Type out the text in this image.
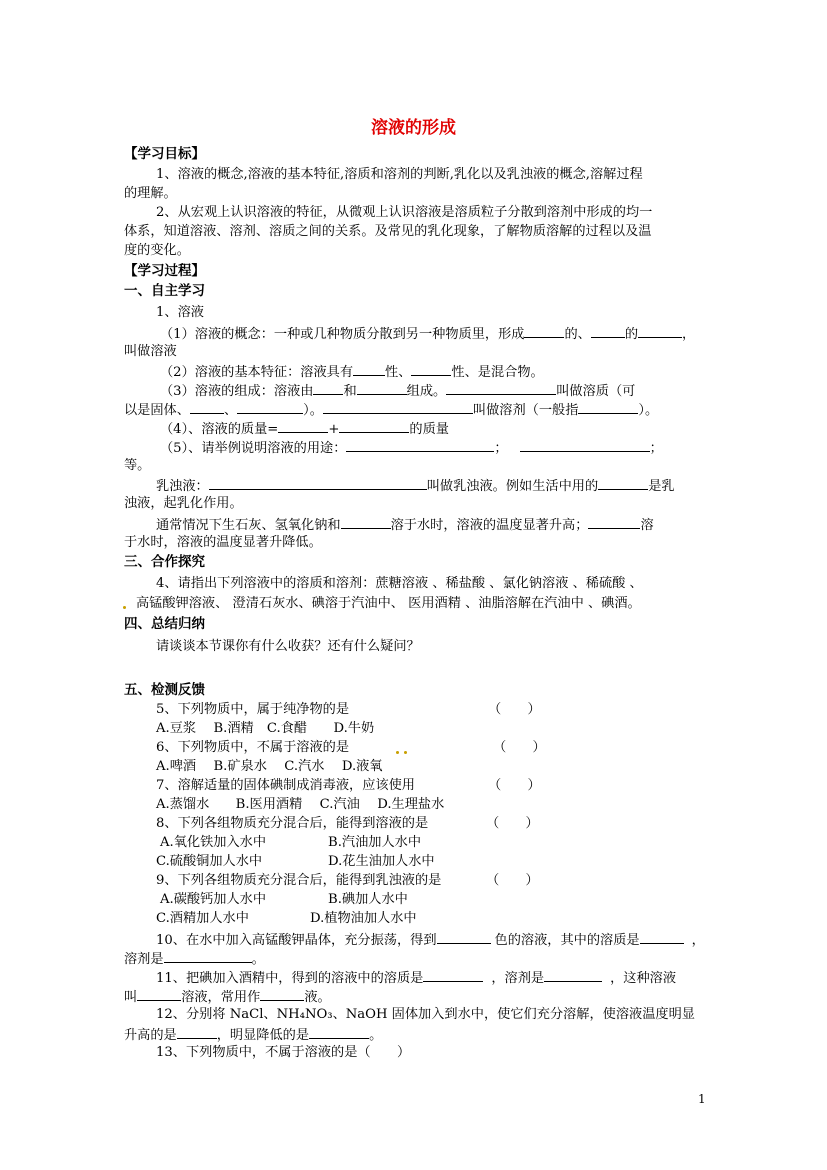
溶液的形成
【学习目标】
1、溶液的概念,溶液的基本特征,溶质和溶剂的判断,乳化以及乳浊液的概念,溶解过程
的理解。
2、从宏观上认识溶液的特征，从微观上认识溶液是溶质粒子分散到溶剂中形成的均一
体系，知道溶液、溶剂、溶质之间的关系。及常见的乳化现象，了解物质溶解的过程以及温
度的变化。
【学习过程】
一、自主学习
1、溶液
（1）溶液的概念：一种或几种物质分散到另一种物质里，形成	的、	的	，
叫做溶液
（2）溶液的基本特征：溶液具有 性、	性、是混合物。
（3）溶液的组成：溶液由 和	组成。	叫做溶质（可
以是固体、	、	）。	叫做溶剂（一般指	）。
（4）、溶液的质量=	+	的质量
（5）、请举例说明溶液的用途：	；	；
等。
乳浊液：	叫做乳浊液。例如生活中用的	是乳
浊液，起乳化作用。
通常情况下生石灰、氢氧化钠和	溶于水时，溶液的温度显著升高；	溶
于水时，溶液的温度显著升降低。
三、合作探究
4、请指出下列溶液中的溶质和溶剂：蔗糖溶液 、稀盐酸 、氯化钠溶液 、稀硫酸 、
高锰酸钾溶液、 澄清石灰水、碘溶于汽油中、 医用酒精 、油脂溶解在汽油中 、碘酒。
四、总结归纳
请谈谈本节课你有什么收获？还有什么疑问？
五、检测反馈
5、下列物质中，属于纯净物的是	（　　）
A.豆浆　 B.酒精　C.食醋　　D.牛奶
6、下列物质中，不属于溶液的是	（　　）
A.啤酒　 B.矿泉水　 C.汽水　 D.液氧
7、溶解适量的固体碘制成消毒液，应该使用	（　　）
A.蒸馏水　　B.医用酒精　 C.汽油　 D.生理盐水
8、下列各组物质充分混合后，能得到溶液的是	（　　）
A.氧化铁加入水中	B.汽油加人水中
C.硫酸铜加人水中	D.花生油加人水中
9、下列各组物质充分混合后，能得到乳浊液的是	（　　）
A.碳酸钙加人水中	B.碘加人水中
C.酒精加人水中	D.植物油加人水中
10、在水中加入高锰酸钾晶体，充分振荡，得到	色的溶液，其中的溶质是	，
溶剂是	。
11、把碘加入酒精中，得到的溶液中的溶质是	，溶剂是	，这种溶液
叫	溶液，常用作	液。
12、分别将 NaCl、NH₄NO₃、NaOH 固体加入到水中，使它们充分溶解，使溶液温度明显
升高的是	，明显降低的是	。
13、下列物质中，不属于溶液的是（　　）
1
